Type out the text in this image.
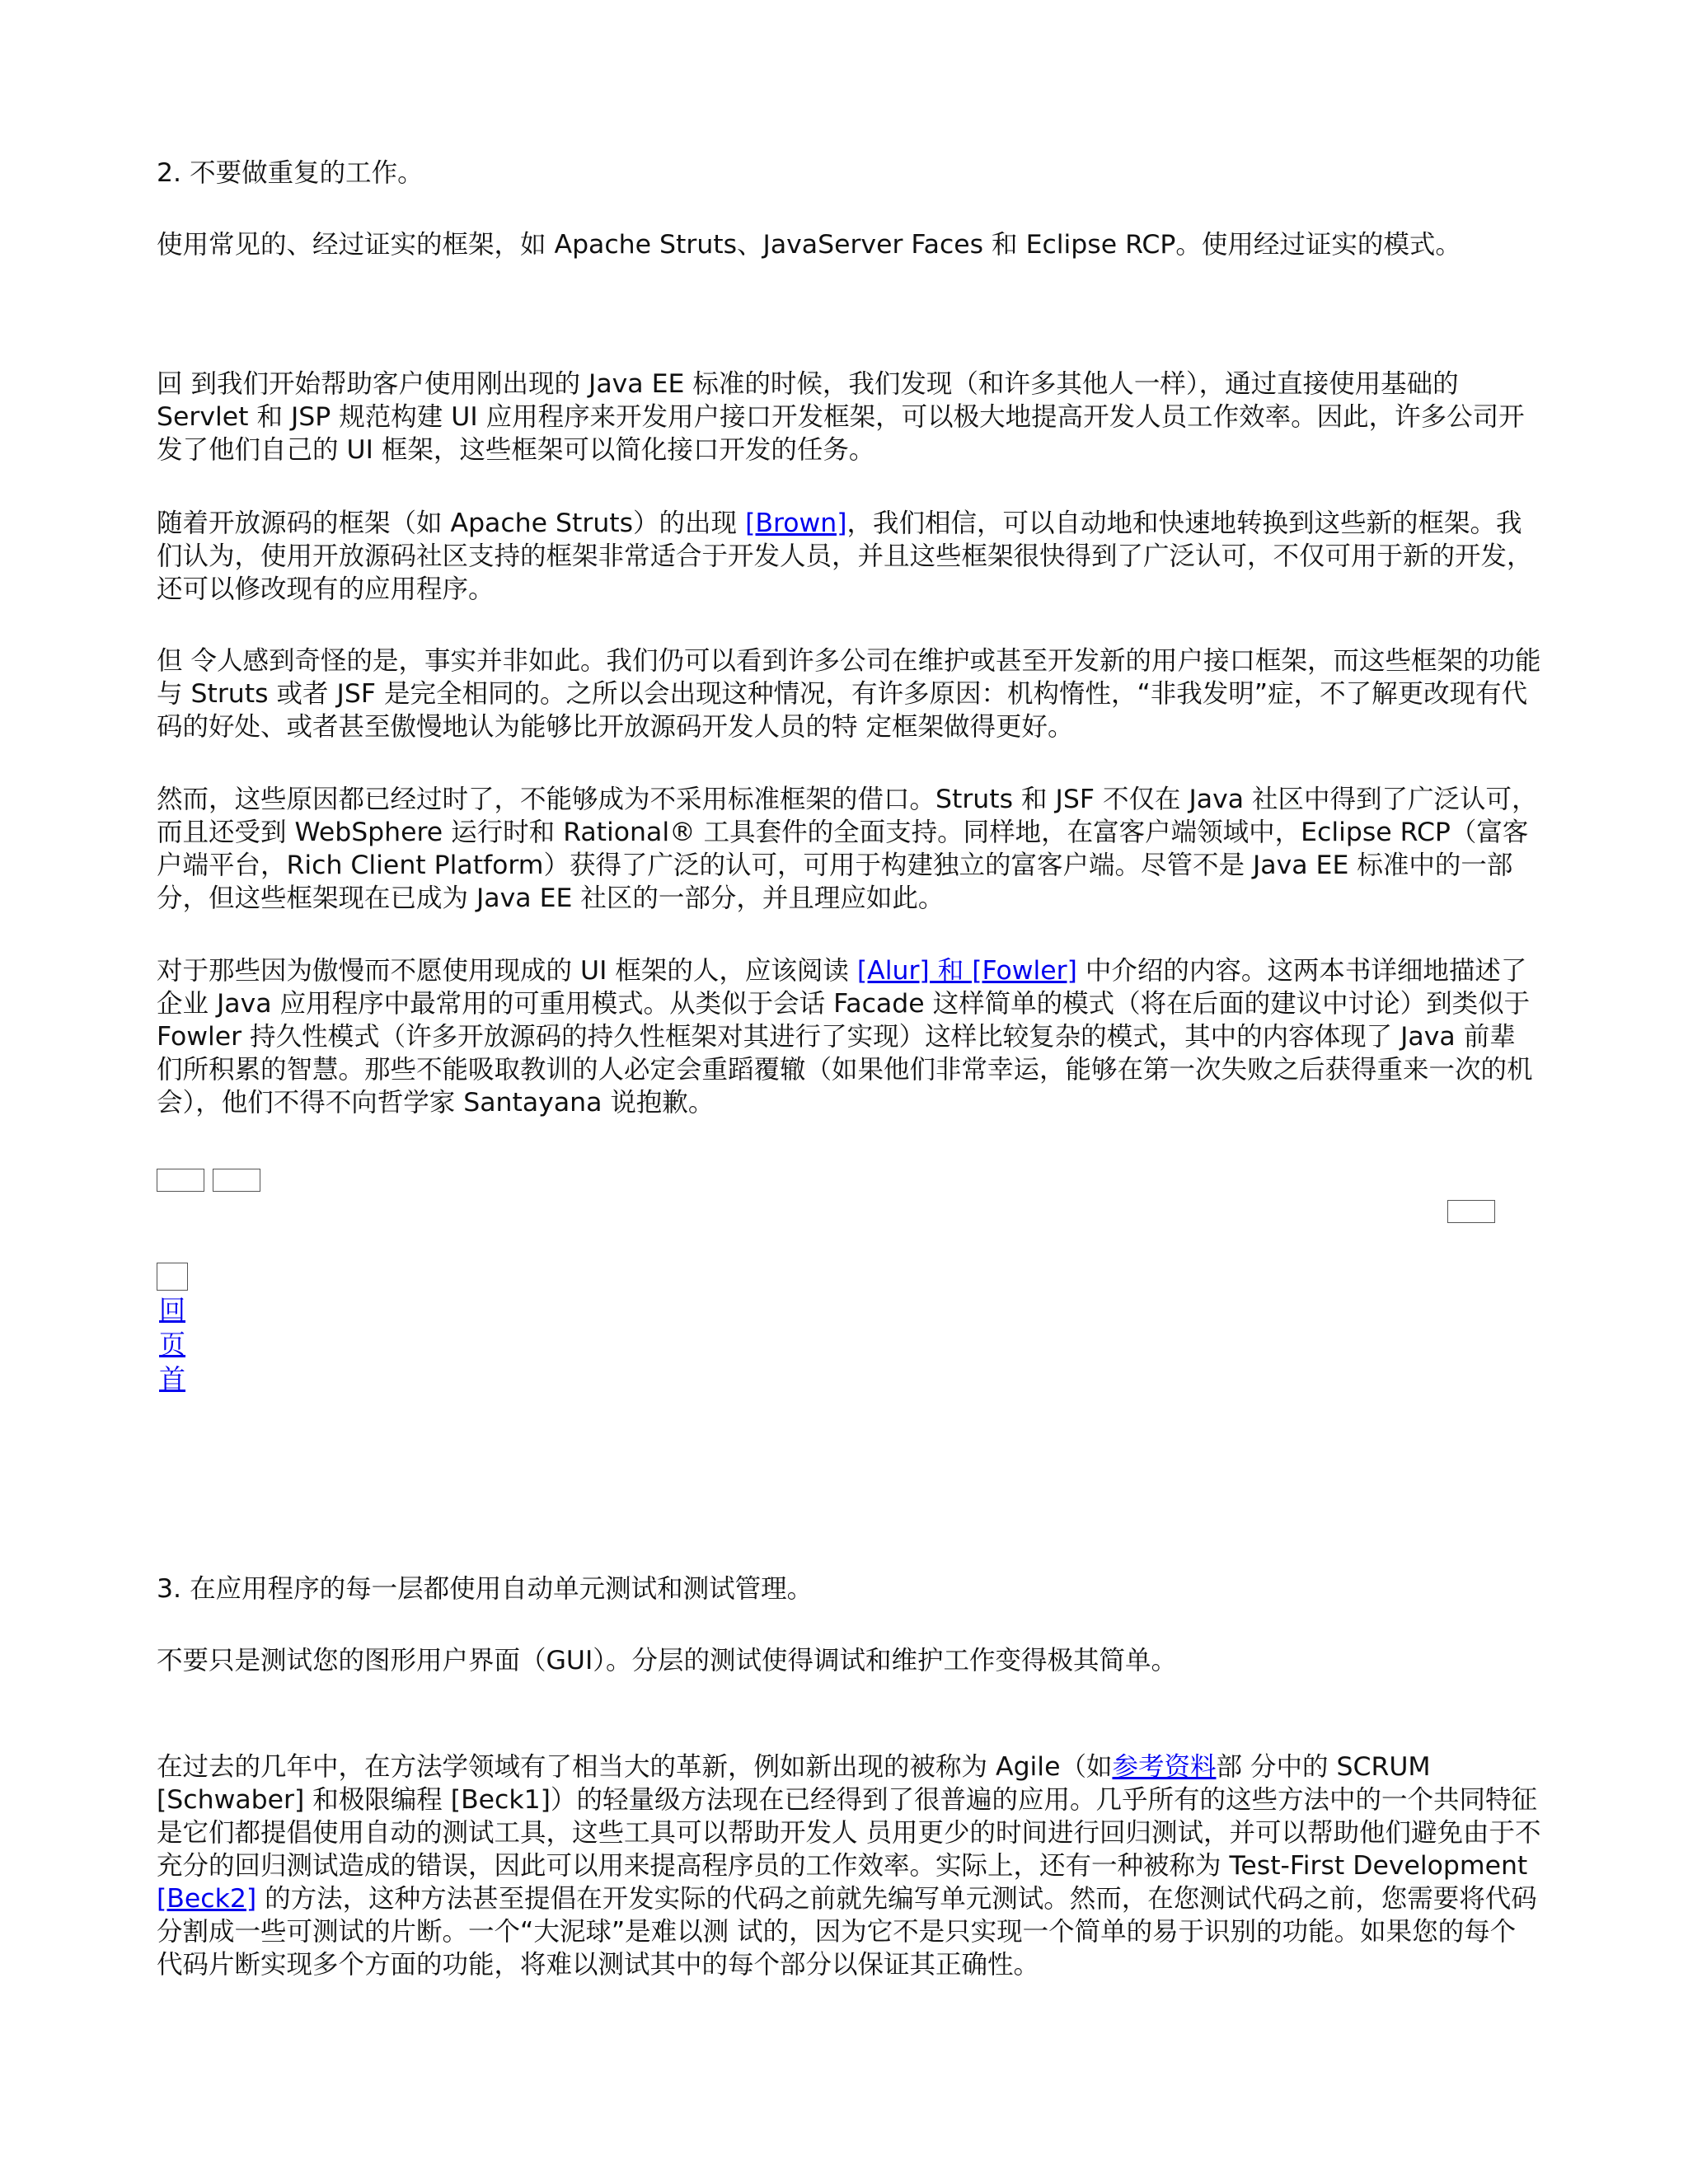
2. 不要做重复的工作。

使用常见的、经过证实的框架，如 Apache Struts、JavaServer Faces 和 Eclipse RCP。使用经过证实的模式。

回 到我们开始帮助客户使用刚出现的 Java EE 标准的时候，我们发现（和许多其他人一样），通过直接使用基础的 Servlet 和 JSP 规范构建 UI 应用程序来开发用户接口开发框架，可以极大地提高开发人员工作效率。因此，许多公司开发了他们自己的 UI 框架，这些框架可以简化接口开发的任务。

随着开放源码的框架（如 Apache Struts）的出现 [Brown]，我们相信，可以自动地和快速地转换到这些新的框架。我们认为，使用开放源码社区支持的框架非常适合于开发人员，并且这些框架很快得到了广泛认可，不仅可用于新的开发，还可以修改现有的应用程序。

但 令人感到奇怪的是，事实并非如此。我们仍可以看到许多公司在维护或甚至开发新的用户接口框架，而这些框架的功能与 Struts 或者 JSF 是完全相同的。之所以会出现这种情况，有许多原因：机构惰性，“非我发明”症，不了解更改现有代码的好处、或者甚至傲慢地认为能够比开放源码开发人员的特 定框架做得更好。

然而，这些原因都已经过时了，不能够成为不采用标准框架的借口。Struts 和 JSF 不仅在 Java 社区中得到了广泛认可，而且还受到 WebSphere 运行时和 Rational® 工具套件的全面支持。同样地，在富客户端领域中，Eclipse RCP（富客户端平台，Rich Client Platform）获得了广泛的认可，可用于构建独立的富客户端。尽管不是 Java EE 标准中的一部分，但这些框架现在已成为 Java EE 社区的一部分，并且理应如此。

对于那些因为傲慢而不愿使用现成的 UI 框架的人，应该阅读 [Alur] 和 [Fowler] 中介绍的内容。这两本书详细地描述了企业 Java 应用程序中最常用的可重用模式。从类似于会话 Facade 这样简单的模式（将在后面的建议中讨论）到类似于 Fowler 持久性模式（许多开放源码的持久性框架对其进行了实现）这样比较复杂的模式，其中的内容体现了 Java 前辈们所积累的智慧。那些不能吸取教训的人必定会重蹈覆辙（如果他们非常幸运，能够在第一次失败之后获得重来一次的机会），他们不得不向哲学家 Santayana 说抱歉。

回
页
首

3. 在应用程序的每一层都使用自动单元测试和测试管理。

不要只是测试您的图形用户界面（GUI）。分层的测试使得调试和维护工作变得极其简单。

在过去的几年中，在方法学领域有了相当大的革新，例如新出现的被称为 Agile（如参考资料部 分中的 SCRUM [Schwaber] 和极限编程 [Beck1]）的轻量级方法现在已经得到了很普遍的应用。几乎所有的这些方法中的一个共同特征是它们都提倡使用自动的测试工具，这些工具可以帮助开发人 员用更少的时间进行回归测试，并可以帮助他们避免由于不充分的回归测试造成的错误，因此可以用来提高程序员的工作效率。实际上，还有一种被称为 Test-First Development [Beck2] 的方法，这种方法甚至提倡在开发实际的代码之前就先编写单元测试。然而，在您测试代码之前，您需要将代码分割成一些可测试的片断。一个“大泥球”是难以测 试的，因为它不是只实现一个简单的易于识别的功能。如果您的每个代码片断实现多个方面的功能，将难以测试其中的每个部分以保证其正确性。
